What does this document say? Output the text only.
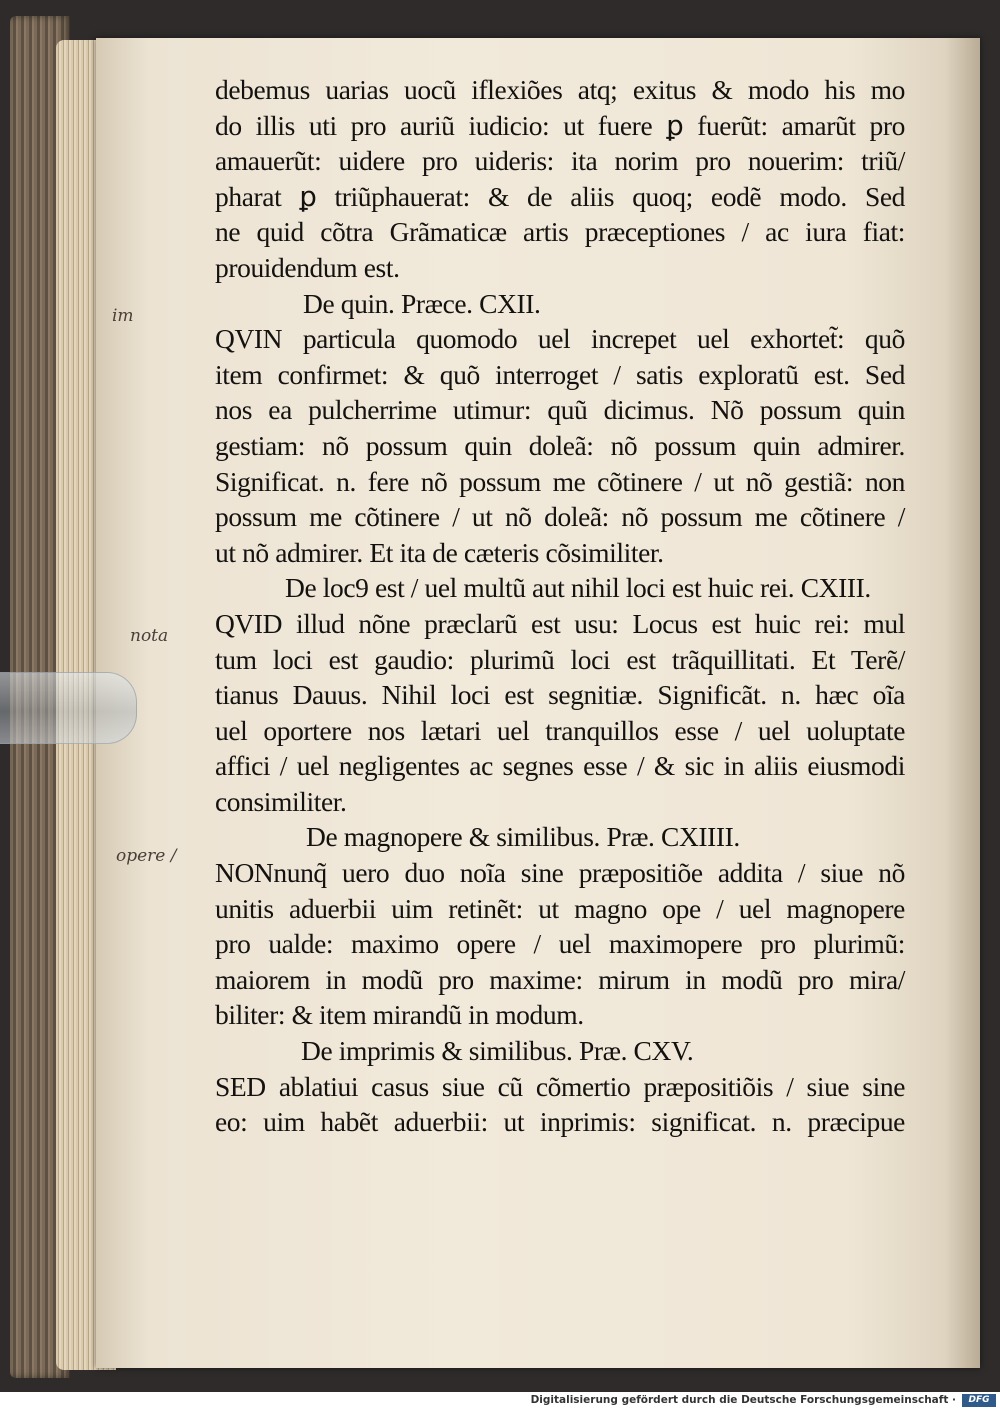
debemus uarias uocũ iflexiões atq; exitus & modo his mo
do illis uti pro auriũ iudicio: ut fuere ꝑ fuerũt: amarũt pro
amauerũt: uidere pro uideris: ita norim pro nouerim: triũ/
pharat ꝑ triũphauerat: & de aliis quoq; eodẽ modo. Sed
ne quid cõtra Grãmaticæ artis præceptiones / ac iura fiat:
prouidendum est.
De quin. Præce. CXII.
QVIN particula quomodo uel increpet uel exhortet̃: quõ
item confirmet: & quõ interroget / satis exploratũ est. Sed
nos ea pulcherrime utimur: quũ dicimus. Nõ possum quin
gestiam: nõ possum quin doleã: nõ possum quin admirer.
Significat. n. fere nõ possum me cõtinere / ut nõ gestiã: non
possum me cõtinere / ut nõ doleã: nõ possum me cõtinere /
ut nõ admirer. Et ita de cæteris cõsimiliter.
De loc9 est / uel multũ aut nihil loci est huic rei. CXIII.
QVID illud nõne præclarũ est usu: Locus est huic rei: mul
tum loci est gaudio: plurimũ loci est trãquillitati. Et Terẽ/
tianus Dauus. Nihil loci est segnitiæ. Significãt. n. hæc oĩa
uel oportere nos lætari uel tranquillos esse / uel uoluptate
affici / uel negligentes ac segnes esse / & sic in aliis eiusmodi
consimiliter.
De magnopere & similibus. Præ. CXIIII.
NONnunq̃ uero duo noĩa sine præpositiõe addita / siue nõ
unitis aduerbii uim retinẽt: ut magno ope / uel magnopere
pro ualde: maximo opere / uel maximopere pro plurimũ:
maiorem in modũ pro maxime: mirum in modũ pro mira/
biliter: & item mirandũ in modum.
De imprimis & similibus. Præ. CXV.
SED ablatiui casus siue cũ cõmertio præpositiõis / siue sine
eo: uim habẽt aduerbii: ut inprimis: significat. n. præcipue
im
nota
opere /
Digitalisierung gefördert durch die Deutsche Forschungsgemeinschaft ·	DFG
